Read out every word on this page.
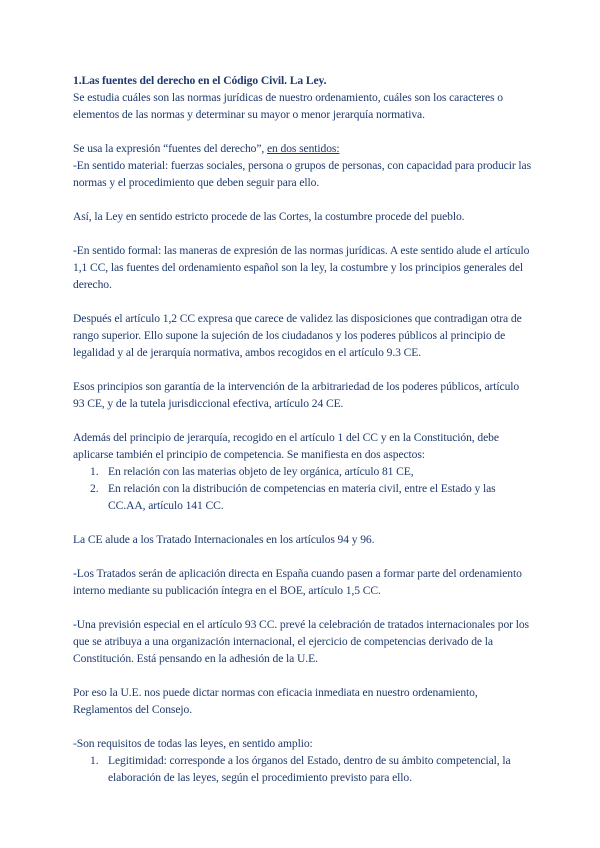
1.Las fuentes del derecho en el Código Civil. La Ley.

Se estudia cuáles son las normas jurídicas de nuestro ordenamiento, cuáles son los caracteres o elementos de las normas y determinar su mayor o menor jerarquía normativa.

Se usa la expresión “fuentes del derecho”, en dos sentidos:

-En sentido material: fuerzas sociales, persona o grupos de personas, con capacidad para producir las normas y el procedimiento que deben seguir para ello.

Así, la Ley en sentido estricto procede de las Cortes, la costumbre procede del pueblo.

-En sentido formal: las maneras de expresión de las normas jurídicas. A este sentido alude el artículo 1,1 CC, las fuentes del ordenamiento español son la ley, la costumbre y los principios generales del derecho.

Después el artículo 1,2 CC expresa que carece de validez las disposiciones que contradigan otra de rango superior. Ello supone la sujeción de los ciudadanos y los poderes públicos al principio de legalidad y al de jerarquía normativa, ambos recogidos en el artículo 9.3 CE.

Esos principios son garantía de la intervención de la arbitrariedad de los poderes públicos, artículo 93 CE, y de la tutela jurisdiccional efectiva, artículo 24 CE.

Además del principio de jerarquía, recogido en el artículo 1 del CC y en la Constitución, debe aplicarse también el principio de competencia. Se manifiesta en dos aspectos:

1. En relación con las materias objeto de ley orgánica, artículo 81 CE,
2. En relación con la distribución de competencias en materia civil, entre el Estado y las CC.AA, artículo 141 CC.

La CE alude a los Tratado Internacionales en los artículos 94 y 96.

-Los Tratados serán de aplicación directa en España cuando pasen a formar parte del ordenamiento interno mediante su publicación íntegra en el BOE, artículo 1,5 CC.

-Una previsión especial en el artículo 93 CC. prevé la celebración de tratados internacionales por los que se atribuya a una organización internacional, el ejercicio de competencias derivado de la Constitución. Está pensando en la adhesión de la U.E.

Por eso la U.E. nos puede dictar normas con eficacia inmediata en nuestro ordenamiento, Reglamentos del Consejo.

-Son requisitos de todas las leyes, en sentido amplio:

1. Legitimidad: corresponde a los órganos del Estado, dentro de su ámbito competencial, la elaboración de las leyes, según el procedimiento previsto para ello.
